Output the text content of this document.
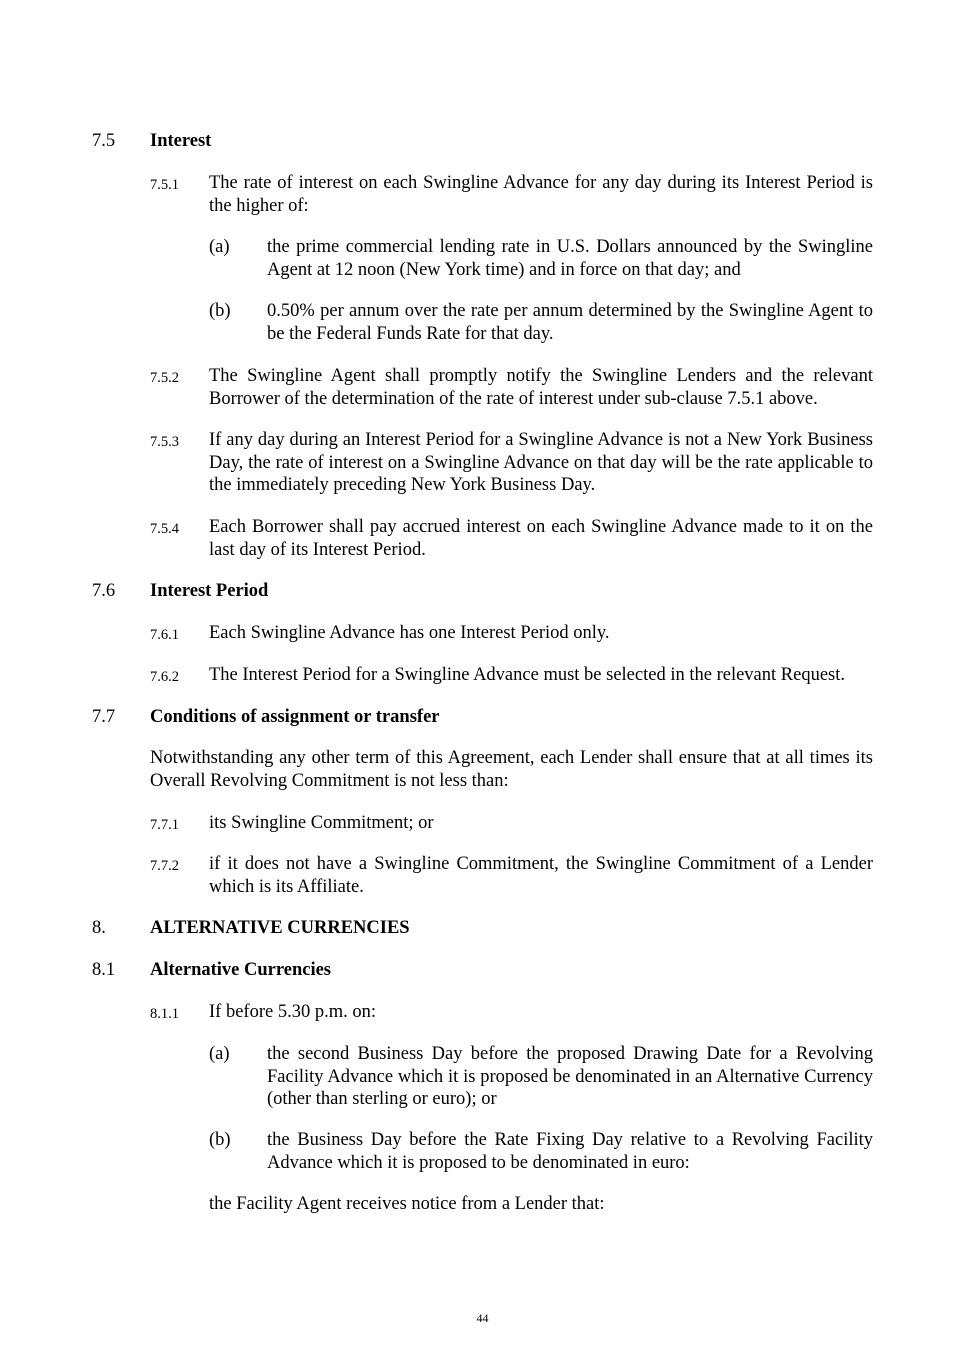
7.5 Interest
7.5.1 The rate of interest on each Swingline Advance for any day during its Interest Period is the higher of:
(a) the prime commercial lending rate in U.S. Dollars announced by the Swingline Agent at 12 noon (New York time) and in force on that day; and
(b) 0.50% per annum over the rate per annum determined by the Swingline Agent to be the Federal Funds Rate for that day.
7.5.2 The Swingline Agent shall promptly notify the Swingline Lenders and the relevant Borrower of the determination of the rate of interest under sub-clause 7.5.1 above.
7.5.3 If any day during an Interest Period for a Swingline Advance is not a New York Business Day, the rate of interest on a Swingline Advance on that day will be the rate applicable to the immediately preceding New York Business Day.
7.5.4 Each Borrower shall pay accrued interest on each Swingline Advance made to it on the last day of its Interest Period.
7.6 Interest Period
7.6.1 Each Swingline Advance has one Interest Period only.
7.6.2 The Interest Period for a Swingline Advance must be selected in the relevant Request.
7.7 Conditions of assignment or transfer
Notwithstanding any other term of this Agreement, each Lender shall ensure that at all times its Overall Revolving Commitment is not less than:
7.7.1 its Swingline Commitment; or
7.7.2 if it does not have a Swingline Commitment, the Swingline Commitment of a Lender which is its Affiliate.
8. ALTERNATIVE CURRENCIES
8.1 Alternative Currencies
8.1.1 If before 5.30 p.m. on:
(a) the second Business Day before the proposed Drawing Date for a Revolving Facility Advance which it is proposed be denominated in an Alternative Currency (other than sterling or euro); or
(b) the Business Day before the Rate Fixing Day relative to a Revolving Facility Advance which it is proposed to be denominated in euro:
the Facility Agent receives notice from a Lender that:
44
